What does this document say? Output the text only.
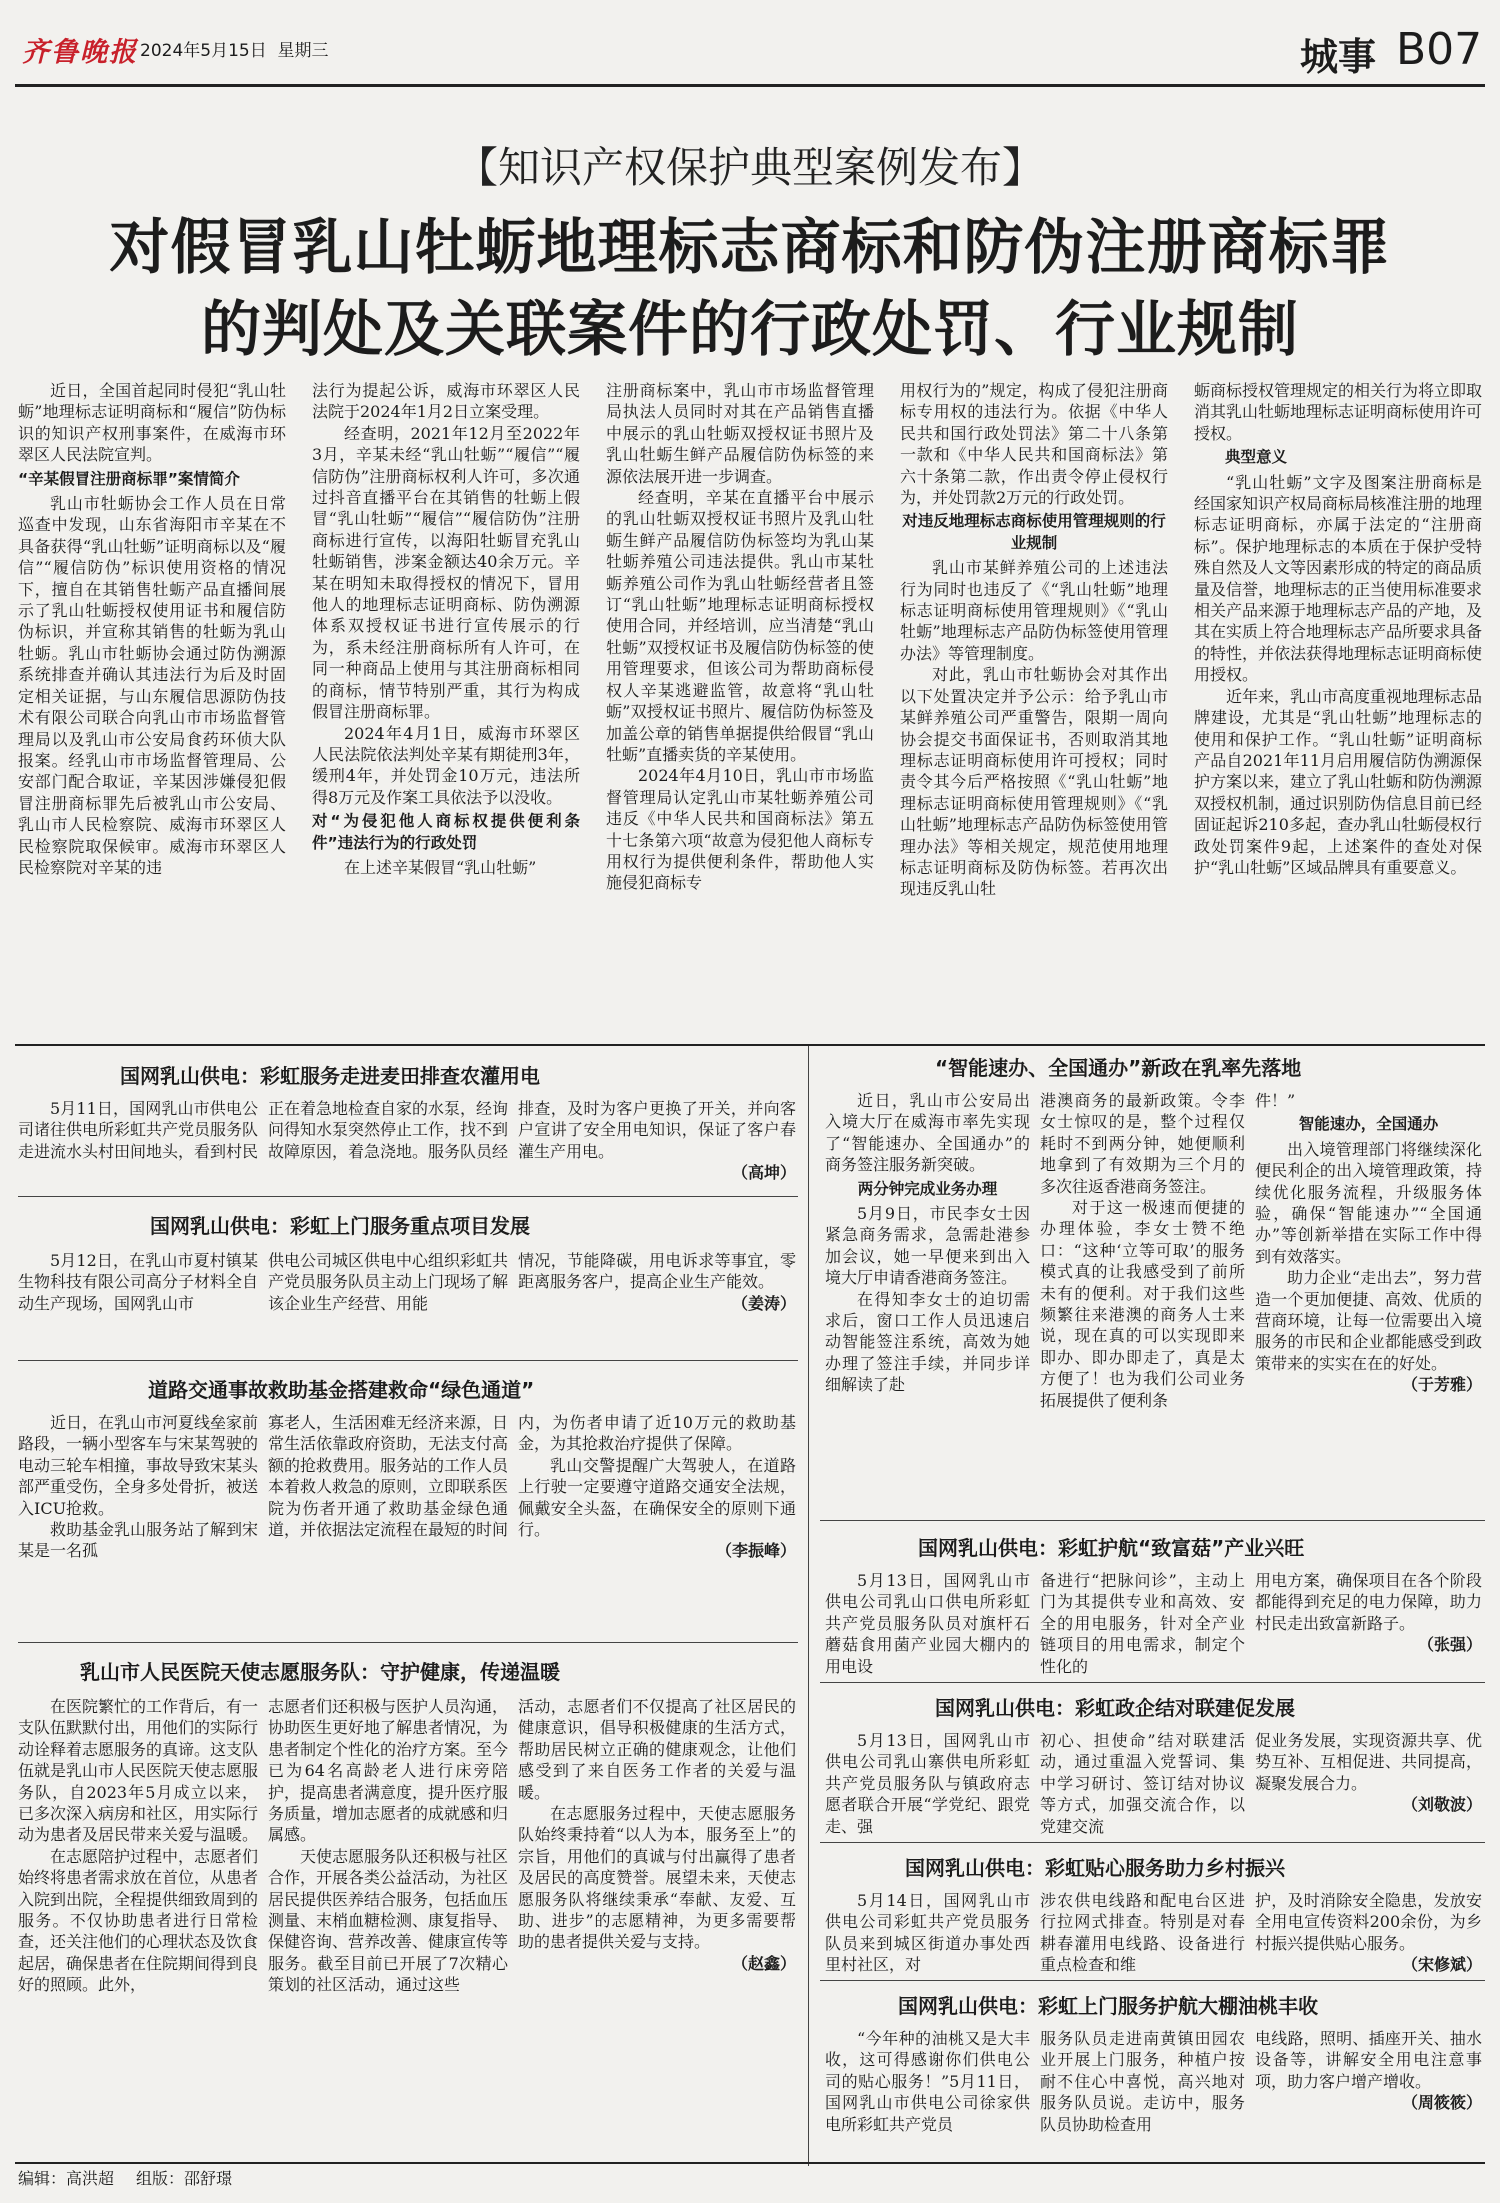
齐鲁晚报 2024年5月15日 星期三	城事 B07
【知识产权保护典型案例发布】
对假冒乳山牡蛎地理标志商标和防伪注册商标罪
的判处及关联案件的行政处罚、行业规制

近日，全国首起同时侵犯“乳山牡蛎”地理标志证明商标和“履信”防伪标识的知识产权刑事案件，在威海市环翠区人民法院宣判。

“辛某假冒注册商标罪”案情简介

乳山市牡蛎协会工作人员在日常巡查中发现，山东省海阳市辛某在不具备获得“乳山牡蛎”证明商标以及“履信”“履信防伪”标识使用资格的情况下，擅自在其销售牡蛎产品直播间展示了乳山牡蛎授权使用证书和履信防伪标识，并宣称其销售的牡蛎为乳山牡蛎。乳山市牡蛎协会通过防伪溯源系统排查并确认其违法行为后及时固定相关证据，与山东履信思源防伪技术有限公司联合向乳山市市场监督管理局以及乳山市公安局食药环侦大队报案。经乳山市市场监督管理局、公安部门配合取证，辛某因涉嫌侵犯假冒注册商标罪先后被乳山市公安局、乳山市人民检察院、威海市环翠区人民检察院取保候审。威海市环翠区人民检察院对辛某的违

法行为提起公诉，威海市环翠区人民法院于2024年1月2日立案受理。

经查明，2021年12月至2022年3月，辛某未经“乳山牡蛎”“履信”“履信防伪”注册商标权利人许可，多次通过抖音直播平台在其销售的牡蛎上假冒“乳山牡蛎”“履信”“履信防伪”注册商标进行宣传，以海阳牡蛎冒充乳山牡蛎销售，涉案金额达40余万元。辛某在明知未取得授权的情况下，冒用他人的地理标志证明商标、防伪溯源体系双授权证书进行宣传展示的行为，系未经注册商标所有人许可，在同一种商品上使用与其注册商标相同的商标，情节特别严重，其行为构成假冒注册商标罪。

2024年4月1日，威海市环翠区人民法院依法判处辛某有期徒刑3年，缓刑4年，并处罚金10万元，违法所得8万元及作案工具依法予以没收。

对“为侵犯他人商标权提供便利条件”违法行为的行政处罚

在上述辛某假冒“乳山牡蛎”

注册商标案中，乳山市市场监督管理局执法人员同时对其在产品销售直播中展示的乳山牡蛎双授权证书照片及乳山牡蛎生鲜产品履信防伪标签的来源依法展开进一步调查。

经查明，辛某在直播平台中展示的乳山牡蛎双授权证书照片及乳山牡蛎生鲜产品履信防伪标签均为乳山某牡蛎养殖公司违法提供。乳山市某牡蛎养殖公司作为乳山牡蛎经营者且签订“乳山牡蛎”地理标志证明商标授权使用合同，并经培训，应当清楚“乳山牡蛎”双授权证书及履信防伪标签的使用管理要求，但该公司为帮助商标侵权人辛某逃避监管，故意将“乳山牡蛎”双授权证书照片、履信防伪标签及加盖公章的销售单据提供给假冒“乳山牡蛎”直播卖货的辛某使用。

2024年4月10日，乳山市市场监督管理局认定乳山市某牡蛎养殖公司违反《中华人民共和国商标法》第五十七条第六项“故意为侵犯他人商标专用权行为提供便利条件，帮助他人实施侵犯商标专

用权行为的”规定，构成了侵犯注册商标专用权的违法行为。依据《中华人民共和国行政处罚法》第二十八条第一款和《中华人民共和国商标法》第六十条第二款，作出责令停止侵权行为，并处罚款2万元的行政处罚。

对违反地理标志商标使用管理规则的行业规制

乳山市某鲜养殖公司的上述违法行为同时也违反了《“乳山牡蛎”地理标志证明商标使用管理规则》《“乳山牡蛎”地理标志产品防伪标签使用管理办法》等管理制度。

对此，乳山市牡蛎协会对其作出以下处置决定并予公示：给予乳山市某鲜养殖公司严重警告，限期一周向协会提交书面保证书，否则取消其地理标志证明商标使用许可授权；同时责令其今后严格按照《“乳山牡蛎”地理标志证明商标使用管理规则》《“乳山牡蛎”地理标志产品防伪标签使用管理办法》等相关规定，规范使用地理标志证明商标及防伪标签。若再次出现违反乳山牡

蛎商标授权管理规定的相关行为将立即取消其乳山牡蛎地理标志证明商标使用许可授权。

典型意义

“乳山牡蛎”文字及图案注册商标是经国家知识产权局商标局核准注册的地理标志证明商标，亦属于法定的“注册商标”。保护地理标志的本质在于保护受特殊自然及人文等因素形成的特定的商品质量及信誉，地理标志的正当使用标准要求相关产品来源于地理标志产品的产地，及其在实质上符合地理标志产品所要求具备的特性，并依法获得地理标志证明商标使用授权。

近年来，乳山市高度重视地理标志品牌建设，尤其是“乳山牡蛎”地理标志的使用和保护工作。“乳山牡蛎”证明商标产品自2021年11月启用履信防伪溯源保护方案以来，建立了乳山牡蛎和防伪溯源双授权机制，通过识别防伪信息目前已经固证起诉210多起，查办乳山牡蛎侵权行政处罚案件9起，上述案件的查处对保护“乳山牡蛎”区域品牌具有重要意义。

国网乳山供电：彩虹服务走进麦田排查农灌用电

5月11日，国网乳山市供电公司诸往供电所彩虹共产党员服务队走进流水头村田间地头，看到村民

正在着急地检查自家的水泵，经询问得知水泵突然停止工作，找不到故障原因，着急浇地。服务队员经

排查，及时为客户更换了开关，并向客户宣讲了安全用电知识，保证了客户春灌生产用电。

（高坤）
国网乳山供电：彩虹上门服务重点项目发展

5月12日，在乳山市夏村镇某生物科技有限公司高分子材料全自动生产现场，国网乳山市

供电公司城区供电中心组织彩虹共产党员服务队员主动上门现场了解该企业生产经营、用能

情况，节能降碳，用电诉求等事宜，零距离服务客户，提高企业生产能效。

（姜涛）
道路交通事故救助基金搭建救命“绿色通道”

近日，在乳山市河夏线垒家前路段，一辆小型客车与宋某驾驶的电动三轮车相撞，事故导致宋某头部严重受伤，全身多处骨折，被送入ICU抢救。

救助基金乳山服务站了解到宋某是一名孤

寡老人，生活困难无经济来源，日常生活依靠政府资助，无法支付高额的抢救费用。服务站的工作人员本着救人救急的原则，立即联系医院为伤者开通了救助基金绿色通道，并依据法定流程在最短的时间

内，为伤者申请了近10万元的救助基金，为其抢救治疗提供了保障。

乳山交警提醒广大驾驶人，在道路上行驶一定要遵守道路交通安全法规，佩戴安全头盔，在确保安全的原则下通行。

（李振峰）
乳山市人民医院天使志愿服务队：守护健康，传递温暖

在医院繁忙的工作背后，有一支队伍默默付出，用他们的实际行动诠释着志愿服务的真谛。这支队伍就是乳山市人民医院天使志愿服务队，自2023年5月成立以来，已多次深入病房和社区，用实际行动为患者及居民带来关爱与温暖。

在志愿陪护过程中，志愿者们始终将患者需求放在首位，从患者入院到出院，全程提供细致周到的服务。不仅协助患者进行日常检查，还关注他们的心理状态及饮食起居，确保患者在住院期间得到良好的照顾。此外，

志愿者们还积极与医护人员沟通，协助医生更好地了解患者情况，为患者制定个性化的治疗方案。至今已为64名高龄老人进行床旁陪护，提高患者满意度，提升医疗服务质量，增加志愿者的成就感和归属感。

天使志愿服务队还积极与社区合作，开展各类公益活动，为社区居民提供医养结合服务，包括血压测量、末梢血糖检测、康复指导、保健咨询、营养改善、健康宣传等服务。截至目前已开展了7次精心策划的社区活动，通过这些

活动，志愿者们不仅提高了社区居民的健康意识，倡导积极健康的生活方式，帮助居民树立正确的健康观念，让他们感受到了来自医务工作者的关爱与温暖。

在志愿服务过程中，天使志愿服务队始终秉持着“以人为本，服务至上”的宗旨，用他们的真诚与付出赢得了患者及居民的高度赞誉。展望未来，天使志愿服务队将继续秉承“奉献、友爱、互助、进步”的志愿精神，为更多需要帮助的患者提供关爱与支持。

（赵鑫）
“智能速办、全国通办”新政在乳率先落地

近日，乳山市公安局出入境大厅在威海市率先实现了“智能速办、全国通办”的商务签注服务新突破。

两分钟完成业务办理

5月9日，市民李女士因紧急商务需求，急需赴港参加会议，她一早便来到出入境大厅申请香港商务签注。

在得知李女士的迫切需求后，窗口工作人员迅速启动智能签注系统，高效为她办理了签注手续，并同步详细解读了赴

港澳商务的最新政策。令李女士惊叹的是，整个过程仅耗时不到两分钟，她便顺利地拿到了有效期为三个月的多次往返香港商务签注。

对于这一极速而便捷的办理体验，李女士赞不绝口：“这种‘立等可取’的服务模式真的让我感受到了前所未有的便利。对于我们这些频繁往来港澳的商务人士来说，现在真的可以实现即来即办、即办即走了，真是太方便了！也为我们公司业务拓展提供了便利条

件！”

智能速办，全国通办

出入境管理部门将继续深化便民利企的出入境管理政策，持续优化服务流程，升级服务体验，确保“智能速办”“全国通办”等创新举措在实际工作中得到有效落实。

助力企业“走出去”，努力营造一个更加便捷、高效、优质的营商环境，让每一位需要出入境服务的市民和企业都能感受到政策带来的实实在在的好处。

（于芳雅）
国网乳山供电：彩虹护航“致富菇”产业兴旺

5月13日，国网乳山市供电公司乳山口供电所彩虹共产党员服务队员对旗杆石蘑菇食用菌产业园大棚内的用电设

备进行“把脉问诊”，主动上门为其提供专业和高效、安全的用电服务，针对全产业链项目的用电需求，制定个性化的

用电方案，确保项目在各个阶段都能得到充足的电力保障，助力村民走出致富新路子。

（张强）
国网乳山供电：彩虹政企结对联建促发展

5月13日，国网乳山市供电公司乳山寨供电所彩虹共产党员服务队与镇政府志愿者联合开展“学党纪、跟党走、强

初心、担使命”结对联建活动，通过重温入党誓词、集中学习研讨、签订结对协议等方式，加强交流合作，以党建交流

促业务发展，实现资源共享、优势互补、互相促进、共同提高，凝聚发展合力。

（刘敬波）
国网乳山供电：彩虹贴心服务助力乡村振兴

5月14日，国网乳山市供电公司彩虹共产党员服务队员来到城区街道办事处西里村社区，对

涉农供电线路和配电台区进行拉网式排查。特别是对春耕春灌用电线路、设备进行重点检查和维

护，及时消除安全隐患，发放安全用电宣传资料200余份，为乡村振兴提供贴心服务。

（宋修斌）
国网乳山供电：彩虹上门服务护航大棚油桃丰收

“今年种的油桃又是大丰收，这可得感谢你们供电公司的贴心服务！”5月11日，国网乳山市供电公司徐家供电所彩虹共产党员

服务队员走进南黄镇田园农业开展上门服务，种植户按耐不住心中喜悦，高兴地对服务队员说。走访中，服务队员协助检查用

电线路，照明、插座开关、抽水设备等，讲解安全用电注意事项，助力客户增产增收。

（周筱筱）
编辑：高洪超 组版：邵舒璟
